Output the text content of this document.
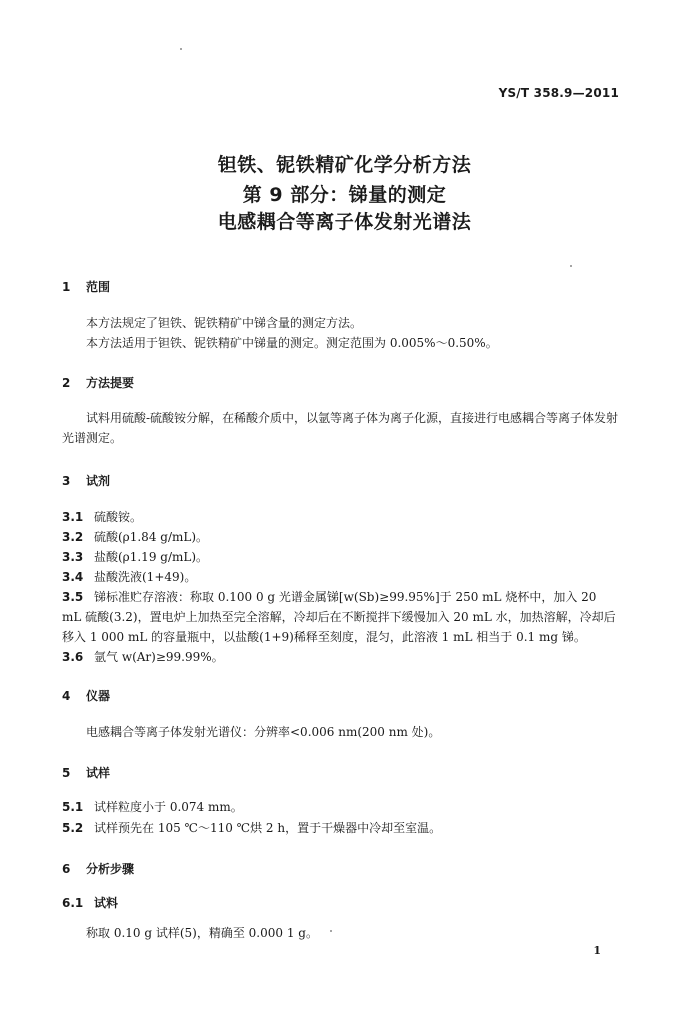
YS/T 358.9—2011
钽铁、铌铁精矿化学分析方法
第 9 部分：锑量的测定
电感耦合等离子体发射光谱法
1 范围
本方法规定了钽铁、铌铁精矿中锑含量的测定方法。
本方法适用于钽铁、铌铁精矿中锑量的测定。测定范围为 0.005%～0.50%。
2 方法提要
试料用硫酸-硫酸铵分解，在稀酸介质中，以氩等离子体为离子化源，直接进行电感耦合等离子体发射光谱测定。
3 试剂
3.1 硫酸铵。
3.2 硫酸(ρ1.84 g/mL)。
3.3 盐酸(ρ1.19 g/mL)。
3.4 盐酸洗液(1+49)。
3.5 锑标准贮存溶液：称取 0.100 0 g 光谱金属锑[w(Sb)≥99.95%]于 250 mL 烧杯中，加入 20 mL 硫酸(3.2)，置电炉上加热至完全溶解，冷却后在不断搅拌下缓慢加入 20 mL 水，加热溶解，冷却后移入 1 000 mL 的容量瓶中，以盐酸(1+9)稀释至刻度，混匀，此溶液 1 mL 相当于 0.1 mg 锑。
3.6 氩气 w(Ar)≥99.99%。
4 仪器
电感耦合等离子体发射光谱仪：分辨率<0.006 nm(200 nm 处)。
5 试样
5.1 试样粒度小于 0.074 mm。
5.2 试样预先在 105 ℃～110 ℃烘 2 h，置于干燥器中冷却至室温。
6 分析步骤
6.1 试料
称取 0.10 g 试样(5)，精确至 0.000 1 g。
1
